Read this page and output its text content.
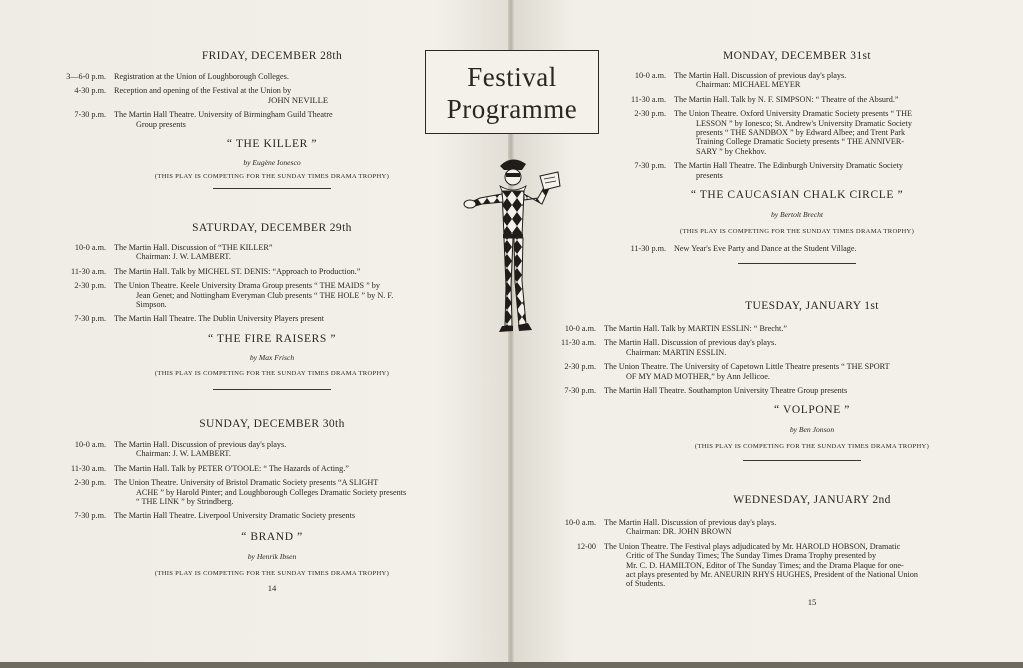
FRIDAY, DECEMBER 28th
3—6-0 p.m. Registration at the Union of Loughborough Colleges.
4-30 p.m. Reception and opening of the Festival at the Union by
JOHN NEVILLE
7-30 p.m. The Martin Hall Theatre. University of Birmingham Guild Theatre
Group presents
“ THE KILLER ”
by Eugène Ionesco
(THIS PLAY IS COMPETING FOR THE SUNDAY TIMES DRAMA TROPHY)
SATURDAY, DECEMBER 29th
10-0 a.m. The Martin Hall. Discussion of “THE KILLER”
Chairman: J. W. LAMBERT.
11-30 a.m. The Martin Hall. Talk by MICHEL ST. DENIS: “Approach to Production.”
2-30 p.m. The Union Theatre. Keele University Drama Group presents “ THE MAIDS ” by
Jean Genet; and Nottingham Everyman Club presents “ THE HOLE ” by N. F.
Simpson.
7-30 p.m. The Martin Hall Theatre. The Dublin University Players present
“ THE FIRE RAISERS ”
by Max Frisch
(THIS PLAY IS COMPETING FOR THE SUNDAY TIMES DRAMA TROPHY)
SUNDAY, DECEMBER 30th
10-0 a.m. The Martin Hall. Discussion of previous day's plays.
Chairman: J. W. LAMBERT.
11-30 a.m. The Martin Hall. Talk by PETER O'TOOLE: “ The Hazards of Acting.”
2-30 p.m. The Union Theatre. University of Bristol Dramatic Society presents “A SLIGHT
ACHE ” by Harold Pinter; and Loughborough Colleges Dramatic Society presents
“ THE LINK ” by Strindberg.
7-30 p.m. The Martin Hall Theatre. Liverpool University Dramatic Society presents
“ BRAND ”
by Henrik Ibsen
(THIS PLAY IS COMPETING FOR THE SUNDAY TIMES DRAMA TROPHY)
14
MONDAY, DECEMBER 31st
10-0 a.m. The Martin Hall. Discussion of previous day's plays.
Chairman: MICHAEL MEYER
11-30 a.m. The Martin Hall. Talk by N. F. SIMPSON: “ Theatre of the Absurd.”
2-30 p.m. The Union Theatre. Oxford University Dramatic Society presents “ THE
LESSON ” by Ionesco; St. Andrew's University Dramatic Society
presents “ THE SANDBOX ” by Edward Albee; and Trent Park
Training College Dramatic Society presents “ THE ANNIVER-
SARY ” by Chekhov.
7-30 p.m. The Martin Hall Theatre. The Edinburgh University Dramatic Society
presents
“ THE CAUCASIAN CHALK CIRCLE ”
by Bertolt Brecht
(THIS PLAY IS COMPETING FOR THE SUNDAY TIMES DRAMA TROPHY)
11-30 p.m. New Year's Eve Party and Dance at the Student Village.
TUESDAY, JANUARY 1st
10-0 a.m. The Martin Hall. Talk by MARTIN ESSLIN: “ Brecht.”
11-30 a.m. The Martin Hall. Discussion of previous day's plays.
Chairman: MARTIN ESSLIN.
2-30 p.m. The Union Theatre. The University of Capetown Little Theatre presents “ THE SPORT
OF MY MAD MOTHER,” by Ann Jellicoe.
7-30 p.m. The Martin Hall Theatre. Southampton University Theatre Group presents
“ VOLPONE ”
by Ben Jonson
(THIS PLAY IS COMPETING FOR THE SUNDAY TIMES DRAMA TROPHY)
WEDNESDAY, JANUARY 2nd
10-0 a.m. The Martin Hall. Discussion of previous day's plays.
Chairman: DR. JOHN BROWN
12-00 The Union Theatre. The Festival plays adjudicated by Mr. HAROLD HOBSON, Dramatic
Critic of The Sunday Times; The Sunday Times Drama Trophy presented by
Mr. C. D. HAMILTON, Editor of The Sunday Times; and the Drama Plaque for one-
act plays presented by Mr. ANEURIN RHYS HUGHES, President of the National Union
of Students.
15
Festival
Programme
